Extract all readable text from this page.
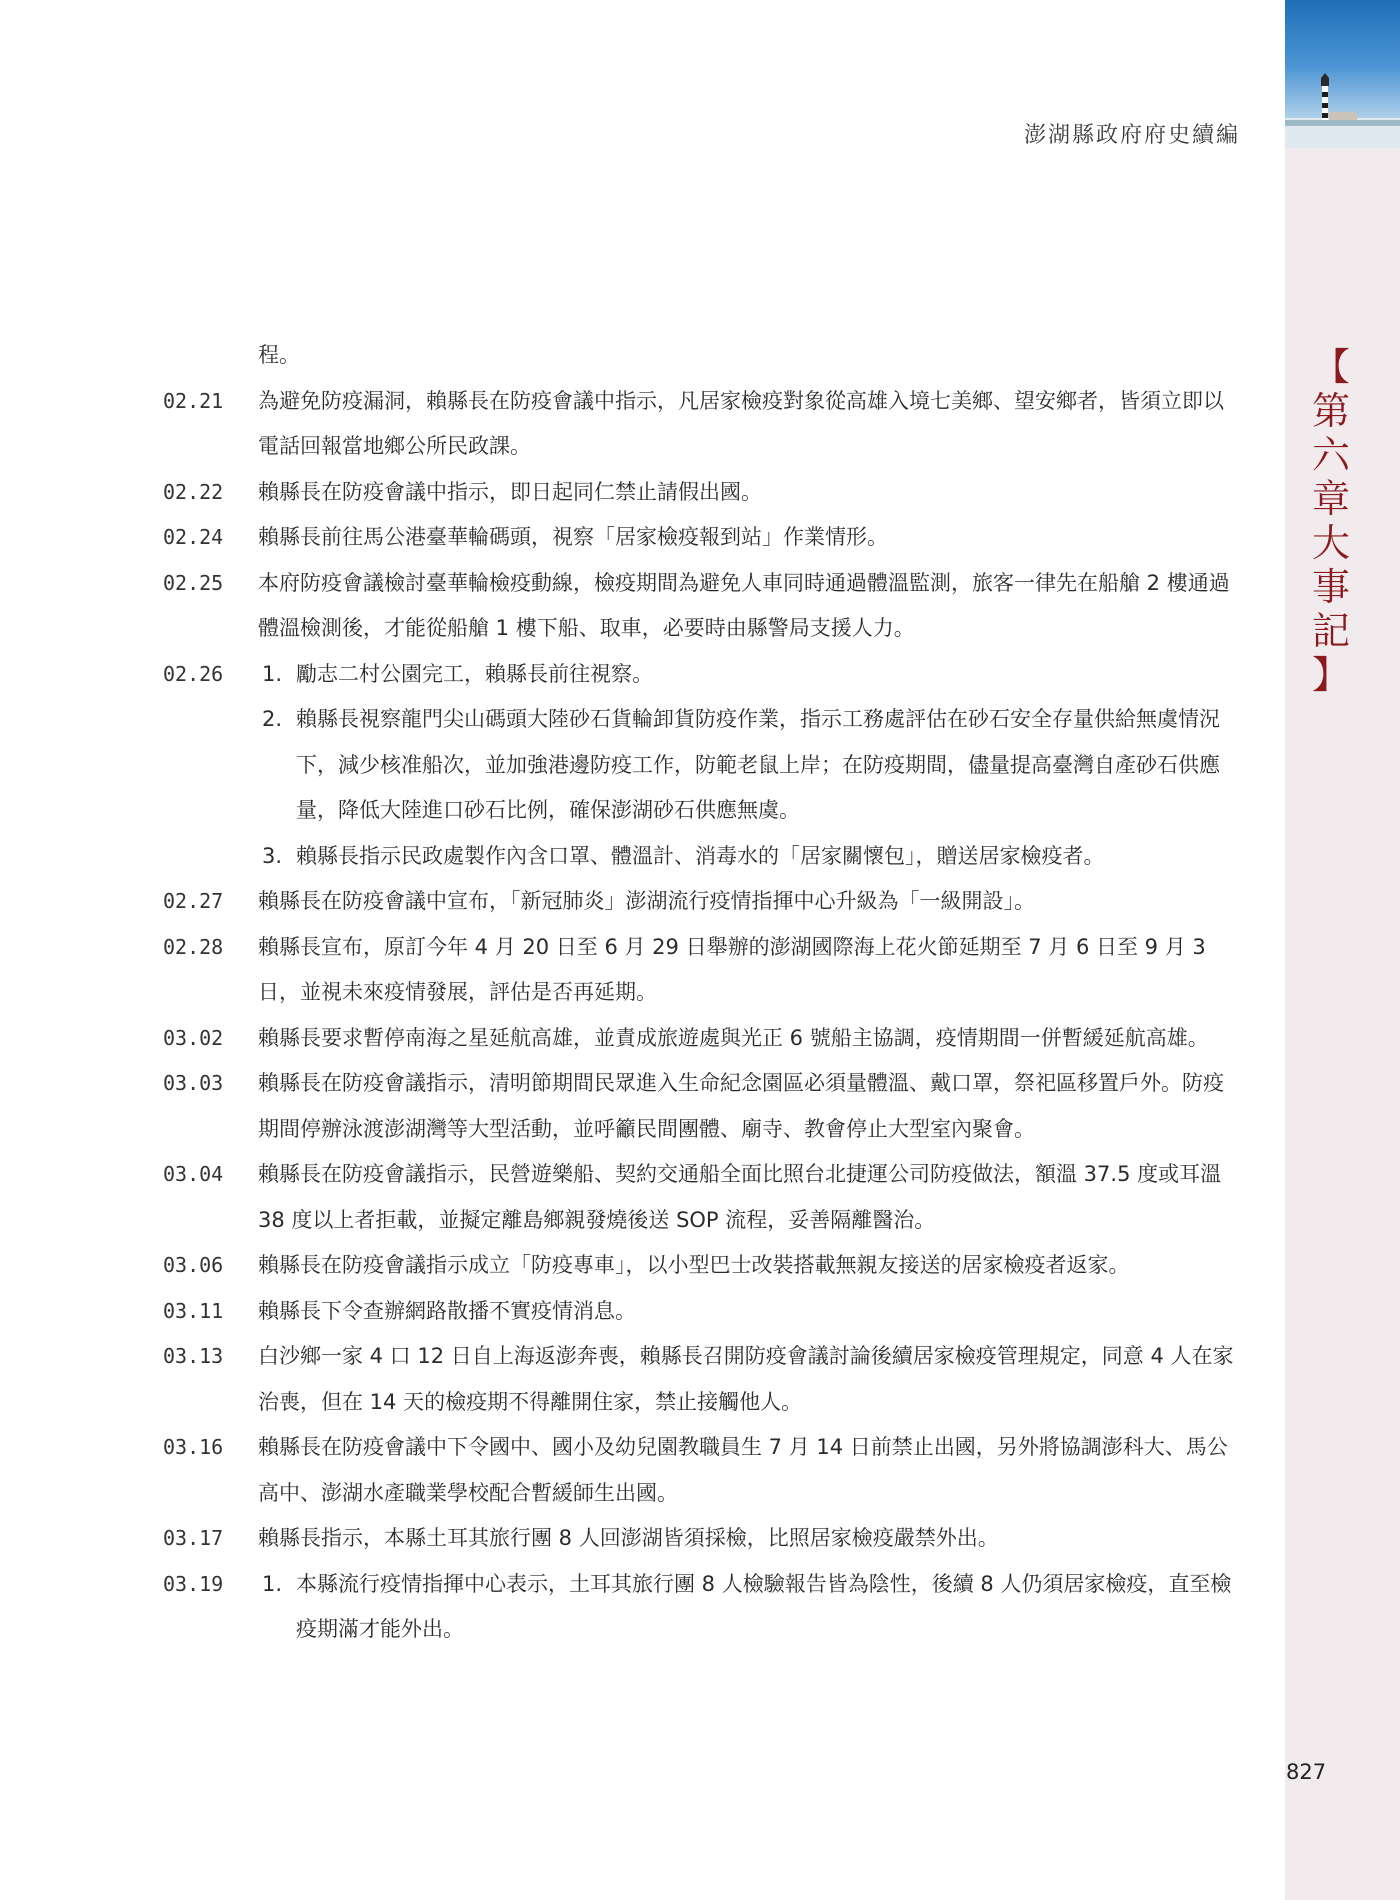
澎湖縣政府府史續編
【
第
六
章
大
事
記
】
程。
02.21	為避免防疫漏洞，賴縣長在防疫會議中指示，凡居家檢疫對象從高雄入境七美鄉、望安鄉者，皆須立即以電話回報當地鄉公所民政課。
02.22	賴縣長在防疫會議中指示，即日起同仁禁止請假出國。
02.24	賴縣長前往馬公港臺華輪碼頭，視察「居家檢疫報到站」作業情形。
02.25	本府防疫會議檢討臺華輪檢疫動線，檢疫期間為避免人車同時通過體溫監測，旅客一律先在船艙 2 樓通過體溫檢測後，才能從船艙 1 樓下船、取車，必要時由縣警局支援人力。
02.26	1. 勵志二村公園完工，賴縣長前往視察。
2. 賴縣長視察龍門尖山碼頭大陸砂石貨輪卸貨防疫作業，指示工務處評估在砂石安全存量供給無虞情況下，減少核准船次，並加強港邊防疫工作，防範老鼠上岸；在防疫期間，儘量提高臺灣自產砂石供應量，降低大陸進口砂石比例，確保澎湖砂石供應無虞。
3. 賴縣長指示民政處製作內含口罩、體溫計、消毒水的「居家關懷包」，贈送居家檢疫者。
02.27	賴縣長在防疫會議中宣布，「新冠肺炎」澎湖流行疫情指揮中心升級為「一級開設」。
02.28	賴縣長宣布，原訂今年 4 月 20 日至 6 月 29 日舉辦的澎湖國際海上花火節延期至 7 月 6 日至 9 月 3 日，並視未來疫情發展，評估是否再延期。
03.02	賴縣長要求暫停南海之星延航高雄，並責成旅遊處與光正 6 號船主協調，疫情期間一併暫緩延航高雄。
03.03	賴縣長在防疫會議指示，清明節期間民眾進入生命紀念園區必須量體溫、戴口罩，祭祀區移置戶外。防疫期間停辦泳渡澎湖灣等大型活動，並呼籲民間團體、廟寺、教會停止大型室內聚會。
03.04	賴縣長在防疫會議指示，民營遊樂船、契約交通船全面比照台北捷運公司防疫做法，額溫 37.5 度或耳溫 38 度以上者拒載，並擬定離島鄉親發燒後送 SOP 流程，妥善隔離醫治。
03.06	賴縣長在防疫會議指示成立「防疫專車」，以小型巴士改裝搭載無親友接送的居家檢疫者返家。
03.11	賴縣長下令查辦網路散播不實疫情消息。
03.13	白沙鄉一家 4 口 12 日自上海返澎奔喪，賴縣長召開防疫會議討論後續居家檢疫管理規定，同意 4 人在家治喪，但在 14 天的檢疫期不得離開住家，禁止接觸他人。
03.16	賴縣長在防疫會議中下令國中、國小及幼兒園教職員生 7 月 14 日前禁止出國，另外將協調澎科大、馬公高中、澎湖水產職業學校配合暫緩師生出國。
03.17	賴縣長指示，本縣土耳其旅行團 8 人回澎湖皆須採檢，比照居家檢疫嚴禁外出。
03.19	1. 本縣流行疫情指揮中心表示，土耳其旅行團 8 人檢驗報告皆為陰性，後續 8 人仍須居家檢疫，直至檢疫期滿才能外出。
827
